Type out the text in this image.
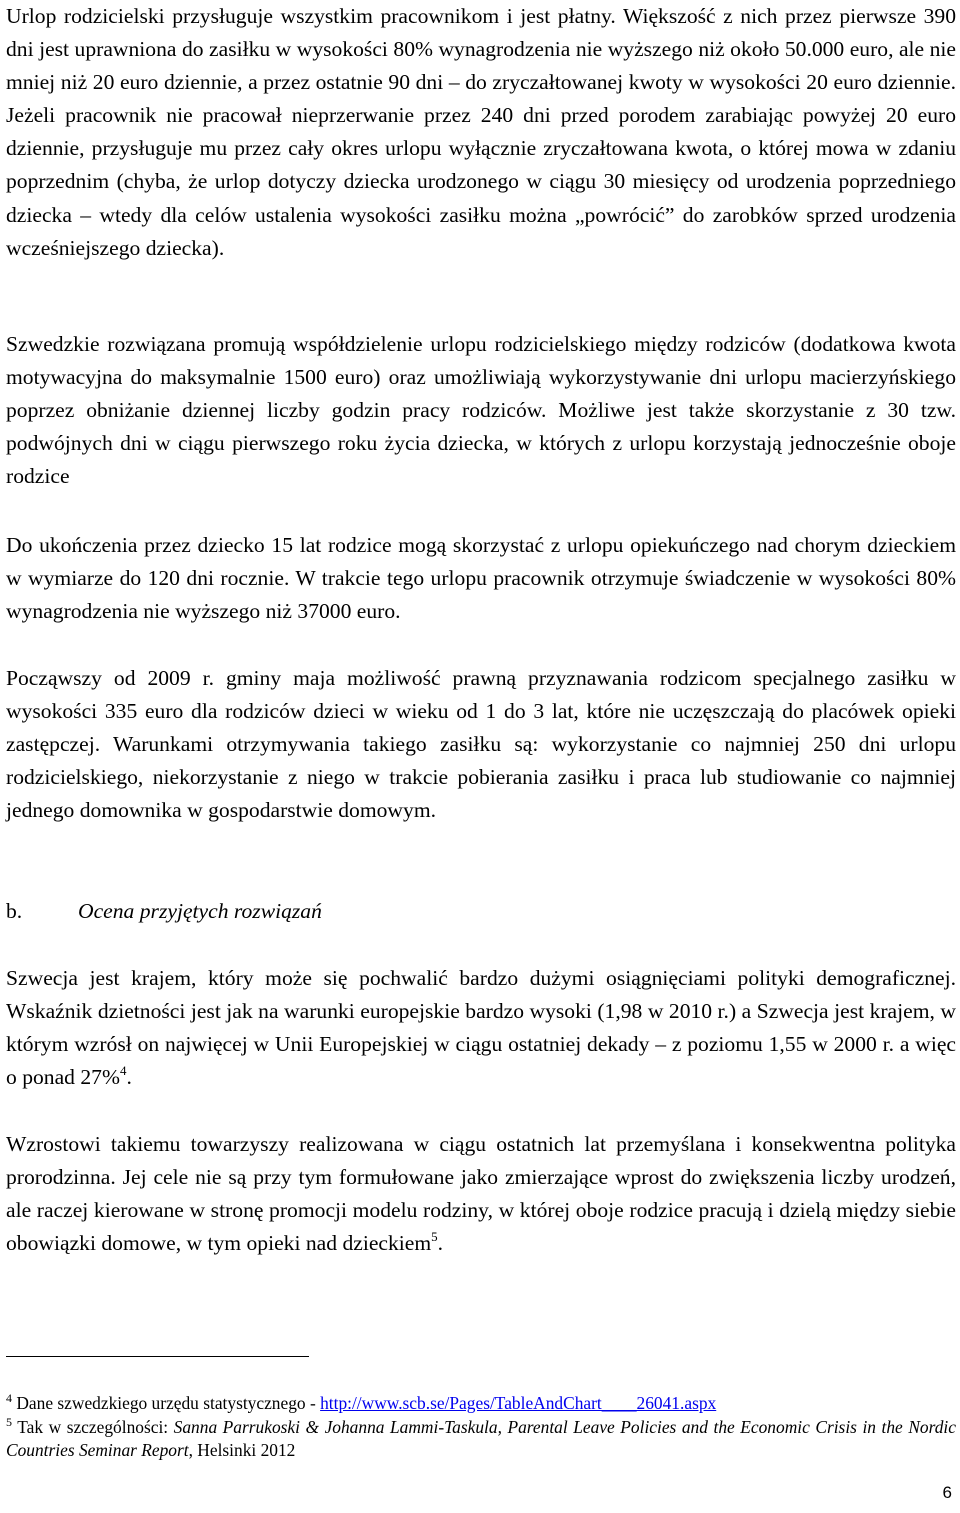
Urlop rodzicielski przysługuje wszystkim pracownikom i jest płatny. Większość z nich przez pierwsze 390 dni jest uprawniona do zasiłku w wysokości 80% wynagrodzenia nie wyższego niż około 50.000 euro, ale nie mniej niż 20 euro dziennie, a przez ostatnie 90 dni – do zryczałtowanej kwoty w wysokości 20 euro dziennie. Jeżeli pracownik nie pracował nieprzerwanie przez 240 dni przed porodem zarabiając powyżej 20 euro dziennie, przysługuje mu przez cały okres urlopu wyłącznie zryczałtowana kwota, o której mowa w zdaniu poprzednim (chyba, że urlop dotyczy dziecka urodzonego w ciągu 30 miesięcy od urodzenia poprzedniego dziecka – wtedy dla celów ustalenia wysokości zasiłku można „powrócić” do zarobków sprzed urodzenia wcześniejszego dziecka).

Szwedzkie rozwiązana promują współdzielenie urlopu rodzicielskiego między rodziców (dodatkowa kwota motywacyjna do maksymalnie 1500 euro) oraz umożliwiają wykorzystywanie dni urlopu macierzyńskiego poprzez obniżanie dziennej liczby godzin pracy rodziców. Możliwe jest także skorzystanie z 30 tzw. podwójnych dni w ciągu pierwszego roku życia dziecka, w których z urlopu korzystają jednocześnie oboje rodzice

Do ukończenia przez dziecko 15 lat rodzice mogą skorzystać z urlopu opiekuńczego nad chorym dzieckiem w wymiarze do 120 dni rocznie. W trakcie tego urlopu pracownik otrzymuje świadczenie w wysokości 80% wynagrodzenia nie wyższego niż 37000 euro.

Począwszy od 2009 r. gminy maja możliwość prawną przyznawania rodzicom specjalnego zasiłku w wysokości 335 euro dla rodziców dzieci w wieku od 1 do 3 lat, które nie uczęszczają do placówek opieki zastępczej. Warunkami otrzymywania takiego zasiłku są: wykorzystanie co najmniej 250 dni urlopu rodzicielskiego, niekorzystanie z niego w trakcie pobierania zasiłku i praca lub studiowanie co najmniej jednego domownika w gospodarstwie domowym.

b.	Ocena przyjętych rozwiązań

Szwecja jest krajem, który może się pochwalić bardzo dużymi osiągnięciami polityki demograficznej. Wskaźnik dzietności jest jak na warunki europejskie bardzo wysoki (1,98 w 2010 r.) a Szwecja jest krajem, w którym wzrósł on najwięcej w Unii Europejskiej w ciągu ostatniej dekady – z poziomu 1,55 w 2000 r. a więc o ponad 27%$^4$.

Wzrostowi takiemu towarzyszy realizowana w ciągu ostatnich lat przemyślana i konsekwentna polityka prorodzinna. Jej cele nie są przy tym formułowane jako zmierzające wprost do zwiększenia liczby urodzeń, ale raczej kierowane w stronę promocji modelu rodziny, w której oboje rodzice pracują i dzielą między siebie obowiązki domowe, w tym opieki nad dzieckiem$^5$.

$^4$ Dane szwedzkiego urzędu statystycznego - http://www.scb.se/Pages/TableAndChart____26041.aspx

$^5$ Tak w szczególności: Sanna Parrukoski & Johanna Lammi-Taskula, Parental Leave Policies and the Economic Crisis in the Nordic Countries Seminar Report, Helsinki 2012

6
